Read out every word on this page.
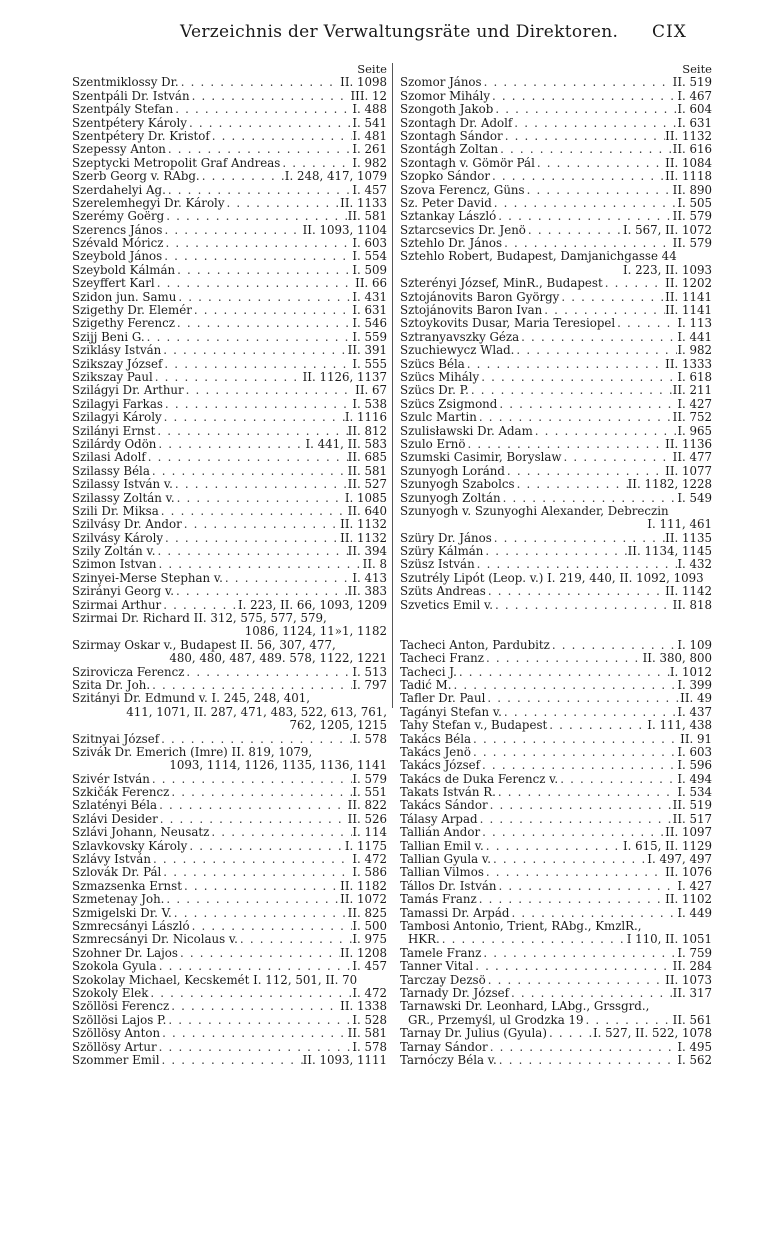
Verzeichnis der Verwaltungsräte und Direktoren. CIX
Seite
Szentmiklossy Dr. . . .	II. 1098
Szentpáli Dr. István . . .	III. 12
Szentpály Stefan . . .	I. 488
Szentpétery Károly . . .	I. 541
Szentpétery Dr. Kristof . . .	I. 481
Szepessy Anton . . .	I. 261
Szeptycki Metropolit Graf Andreas . . .	I. 982
Szerb Georg v. RAbg. . . .	I. 248, 417, 1079
Szerdahelyi Ag. . . .	I. 457
Szerelemhegyi Dr. Károly . . .	II. 1133
Szerémy Goërg . . .	II. 581
Szerencs János . . .	II. 1093, 1104
Szévald Móricz . . .	I. 603
Szeybold János . . .	I. 554
Szeybold Kálmán . . .	I. 509
Szeyffert Karl . . .	II. 66
Szidon jun. Samu . . .	I. 431
Szigethy Dr. Elemér . . .	I. 631
Szigethy Ferencz . . .	I. 546
Szijj Beni G. . . .	I. 559
Sziklásy István . . .	II. 391
Szikszay József . . .	I. 555
Szikszay Paul . . .	II. 1126, 1137
Szilágyi Dr. Arthur . . .	II. 67
Szilagyi Farkas . . .	I. 538
Szilagyi Károly . . .	I. 1116
Szilányi Ernst . . .	II. 812
Szilárdy Ödön . . .	I. 441, II. 583
Szilasi Adolf . . .	II. 685
Szilassy Béla . . .	II. 581
Szilassy István v. . . .	II. 527
Szilassy Zoltán v. . . .	I. 1085
Szili Dr. Miksa . . .	II. 640
Szilvásy Dr. Andor . . .	II. 1132
Szilvásy Károly . . .	II. 1132
Szily Zoltán v. . . .	II. 394
Szimon Istvan . . .	II. 8
Szinyei-Merse Stephan v. . . .	I. 413
Szirányi Georg v. . . .	II. 383
Szirmai Arthur . . .	I. 223, II. 66, 1093, 1209
Szirmai Dr. Richard II. 312, 575, 577, 579,
1086, 1124, 11»1, 1182
Szirmay Oskar v., Budapest II. 56, 307, 477,
480, 480, 487, 489. 578, 1122, 1221
Szirovicza Ferencz . . .	I. 513
Szita Dr. Joh. . . .	I. 797
Szitányi Dr. Edmund v. I. 245, 248, 401,
411, 1071, II. 287, 471, 483, 522, 613, 761,
762, 1205, 1215
Szitnyai József . . .	I. 578
Szivák Dr. Emerich (Imre) II. 819, 1079,
1093, 1114, 1126, 1135, 1136, 1141
Szivér István . . .	I. 579
Szkičák Ferencz . . .	I. 551
Szlatényi Béla . . .	II. 822
Szlávi Desider . . .	II. 526
Szlávi Johann, Neusatz . . .	I. 114
Szlavkovsky Károly . . .	I. 1175
Szlávy István . . .	I. 472
Szlovák Dr. Pál . . .	I. 586
Szmazsenka Ernst . . .	II. 1182
Szmetenay Joh. . . .	II. 1072
Szmigelski Dr. V. . . .	II. 825
Szmrecsányi László . . .	I. 500
Szmrecsányi Dr. Nicolaus v. . . .	I. 975
Szohner Dr. Lajos . . .	II. 1208
Szokola Gyula . . .	I. 457
Szokolay Michael, Kecskemét I. 112, 501, II. 70
Szokoly Elek . . .	I. 472
Szöllösi Ferencz . . .	II. 1338
Szöllösi Lajos P. . . .	I. 528
Szöllösy Anton . . .	II. 581
Szöllösy Artur . . .	I. 578
Szommer Emil . . .	II. 1093, 1111
Seite
Szomor János . . .	II. 519
Szomor Mihály . . .	I. 467
Szongoth Jakob . . .	I. 604
Szontagh Dr. Adolf . . .	I. 631
Szontagh Sándor . . .	II. 1132
Szontágh Zoltan . . .	II. 616
Szontagh v. Gömör Pál . . .	II. 1084
Szopko Sándor . . .	II. 1118
Szova Ferencz, Güns . . .	II. 890
Sz. Peter David . . .	I. 505
Sztankay László . . .	II. 579
Sztarcsevics Dr. Jenö . . .	I. 567, II. 1072
Sztehlo Dr. János . . .	II. 579
Sztehlo Robert, Budapest, Damjanichgasse 44
I. 223, II. 1093
Szterényi József, MinR., Budapest . . .	II. 1202
Sztojánovits Baron György . . .	II. 1141
Sztojánovits Baron Ivan . . .	II. 1141
Sztoykovits Dusar, Maria Teresiopel . . .	I. 113
Sztranyavszky Géza . . .	I. 441
Szuchiewycz Wlad. . . .	I. 982
Szücs Béla . . .	II. 1333
Szücs Mihály . . .	I. 618
Szücs Dr. P. . . .	II. 211
Szücs Zsigmond . . .	I. 427
Szulc Martin . . .	II. 752
Szulisławski Dr. Adam . . .	I. 965
Szulo Ernö . . .	II. 1136
Szumski Casimir, Boryslaw . . .	II. 477
Szunyogh Loránd . . .	II. 1077
Szunyogh Szabolcs . . .	II. 1182, 1228
Szunyogh Zoltán . . .	I. 549
Szunyogh v. Szunyoghi Alexander, Debreczin
I. 111, 461
Szüry Dr. János . . .	II. 1135
Szüry Kálmán . . .	II. 1134, 1145
Szüsz István . . .	I. 432
Szutrély Lipót (Leop. v.) I. 219, 440, II. 1092, 1093
Szüts Andreas . . .	II. 1142
Szvetics Emil v. . . .	II. 818
Tacheci Anton, Pardubitz . . .	I. 109
Tacheci Franz . . .	II. 380, 800
Tacheci J. . . .	I. 1012
Tadić M. . . .	I. 399
Tafler Dr. Paul . . .	II. 49
Tagányi Stefan v. . . .	I. 437
Tahy Stefan v., Budapest . . .	I. 111, 438
Takács Béla . . .	II. 91
Takács Jenö . . .	I. 603
Takács József . . .	I. 596
Takács de Duka Ferencz v. . . .	I. 494
Takats István R. . . .	I. 534
Takács Sándor . . .	II. 519
Tálasy Arpad . . .	II. 517
Tallián Andor . . .	II. 1097
Tallian Emil v. . . .	I. 615, II. 1129
Tallian Gyula v. . . .	I. 497, 497
Tallian Vilmos . . .	II. 1076
Tállos Dr. István . . .	I. 427
Tamás Franz . . .	II. 1102
Tamassi Dr. Arpád . . .	I. 449
Tambosi Antonio, Trient, RAbg., KmzlR.,
HKR. . . .	I 110, II. 1051
Tamele Franz . . .	I. 759
Tanner Vital . . .	II. 284
Tarczay Dezsö . . .	II. 1073
Tarnady Dr. József . . .	II. 317
Tarnawski Dr. Leonhard, LAbg., Grssgrd.,
GR., Przemyśl, ul Grodzka 19 . . .	II. 561
Tarnay Dr. Julius (Gyula) . . .	I. 527, II. 522, 1078
Tarnay Sándor . . .	I. 495
Tarnóczy Béla v. . . .	I. 562
